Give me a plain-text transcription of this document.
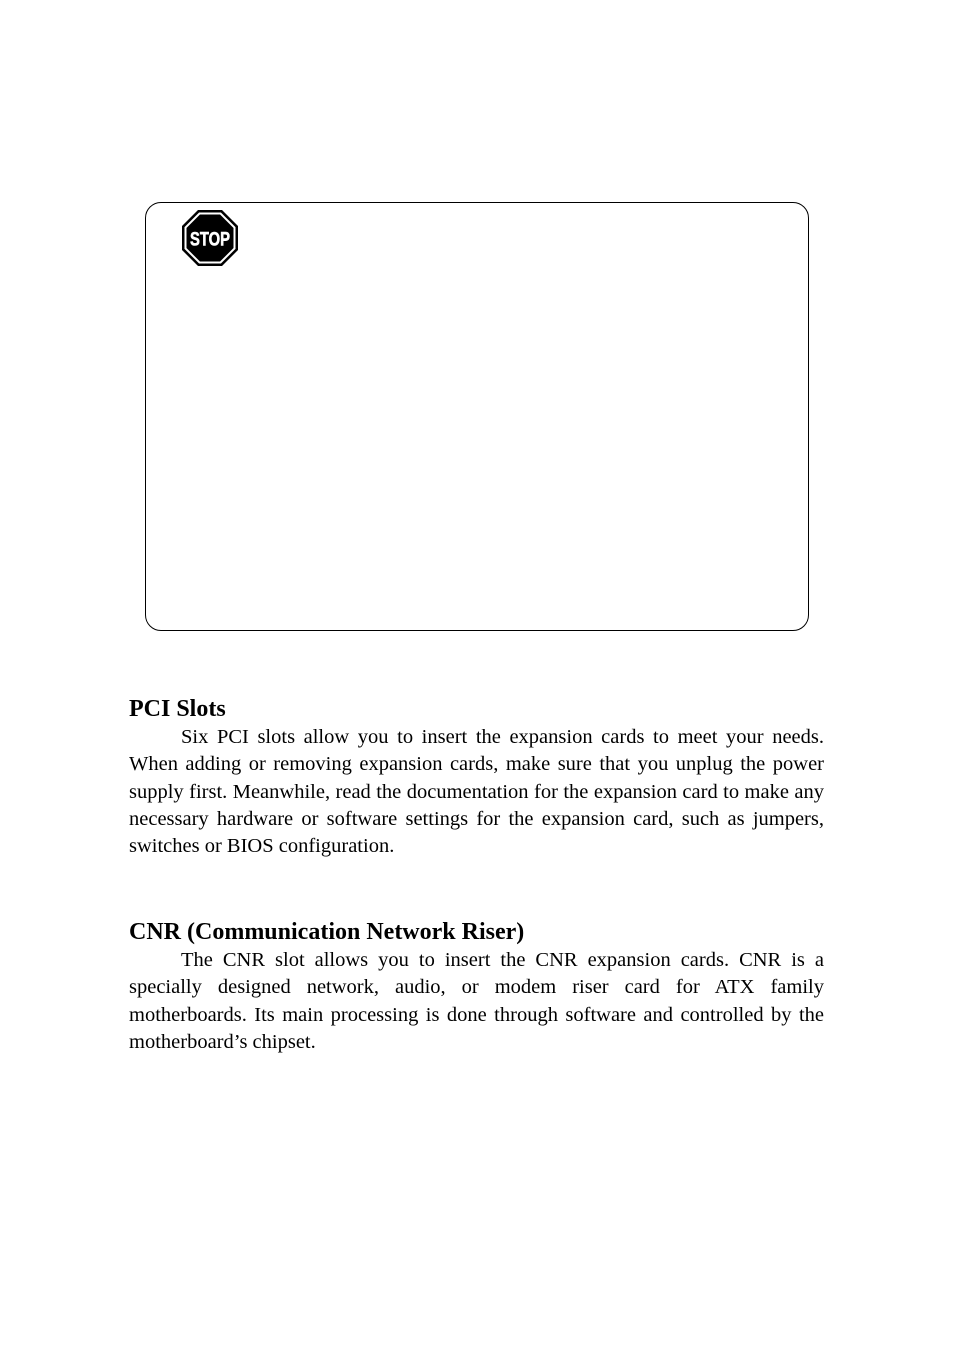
STOP
PCI Slots

Six PCI slots allow you to insert the expansion cards to meet your needs. When adding or removing expansion cards, make sure that you unplug the power supply first. Meanwhile, read the documentation for the expansion card to make any necessary hardware or software settings for the expansion card, such as jumpers, switches or BIOS configuration.

CNR (Communication Network Riser)

The CNR slot allows you to insert the CNR expansion cards. CNR is a specially designed network, audio, or modem riser card for ATX family motherboards. Its main processing is done through software and controlled by the motherboard’s chipset.
